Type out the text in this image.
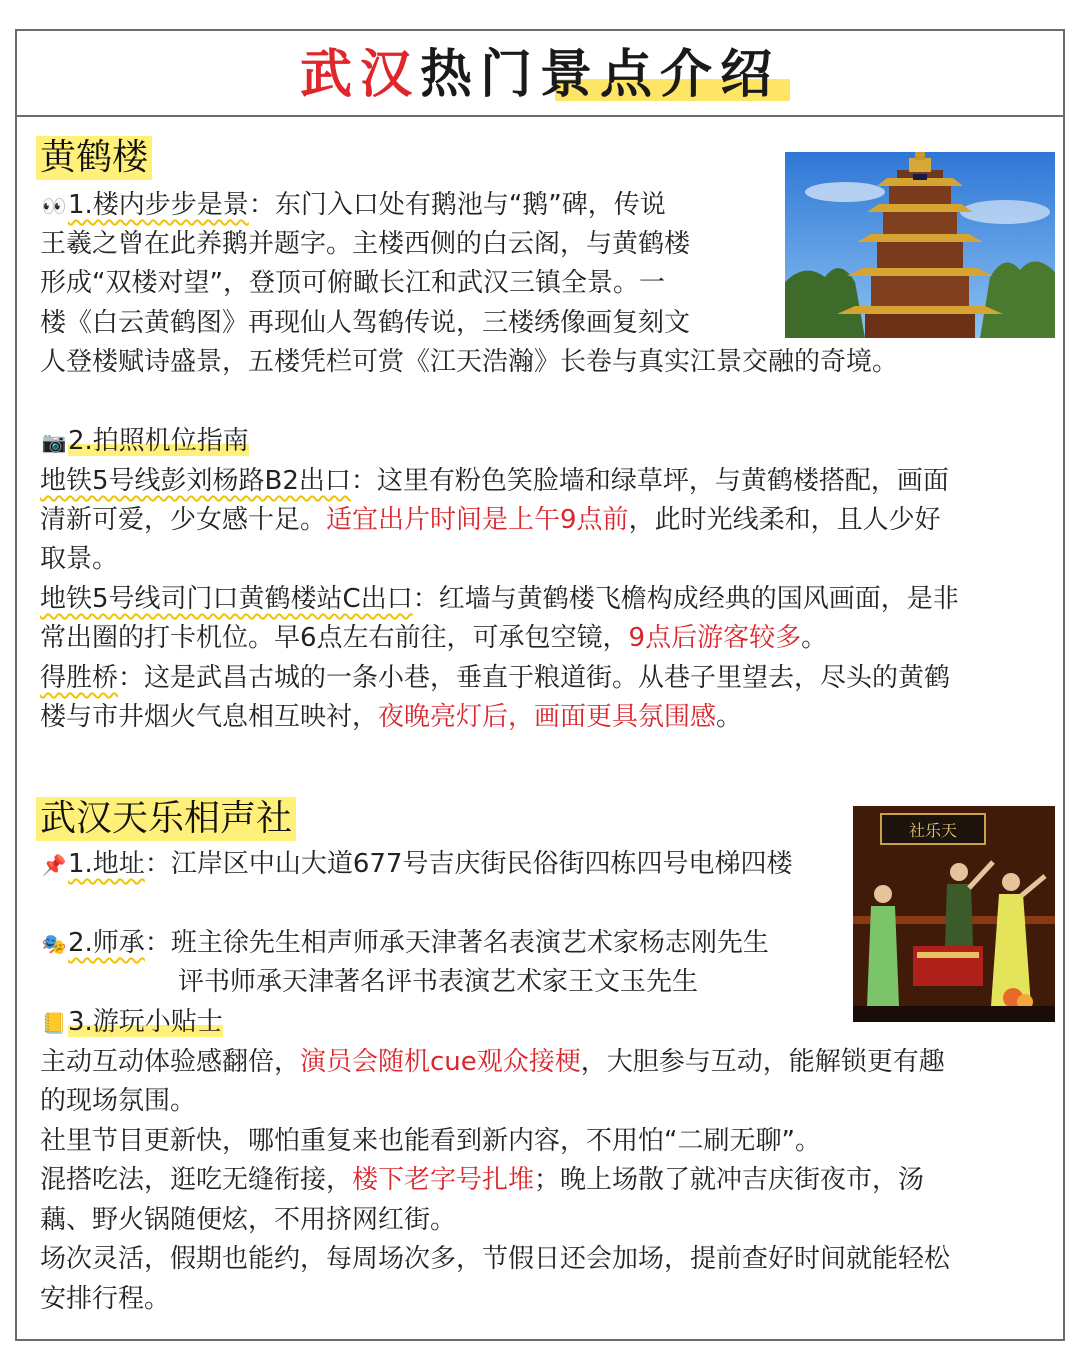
武汉热门景点介绍
黄鹤楼
👀1.楼内步步是景：东门入口处有鹅池与“鹅”碑，传说
王羲之曾在此养鹅并题字。主楼西侧的白云阁，与黄鹤楼
形成“双楼对望”，登顶可俯瞰长江和武汉三镇全景。一
楼《白云黄鹤图》再现仙人驾鹤传说，三楼绣像画复刻文
人登楼赋诗盛景，五楼凭栏可赏《江天浩瀚》长卷与真实江景交融的奇境。
📷2.拍照机位指南
地铁5号线彭刘杨路B2出口：这里有粉色笑脸墙和绿草坪，与黄鹤楼搭配，画面
清新可爱，少女感十足。适宜出片时间是上午9点前，此时光线柔和，且人少好
取景。
地铁5号线司门口黄鹤楼站C出口：红墙与黄鹤楼飞檐构成经典的国风画面，是非
常出圈的打卡机位。早6点左右前往，可承包空镜，9点后游客较多。
得胜桥：这是武昌古城的一条小巷，垂直于粮道街。从巷子里望去，尽头的黄鹤
楼与市井烟火气息相互映衬，夜晚亮灯后，画面更具氛围感。
武汉天乐相声社	社乐天
📌1.地址：江岸区中山大道677号吉庆街民俗街四栋四号电梯四楼
🎭2.师承：班主徐先生相声师承天津著名表演艺术家杨志刚先生
评书师承天津著名评书表演艺术家王文玉先生
📒3.游玩小贴士
主动互动体验感翻倍，演员会随机cue观众接梗，大胆参与互动，能解锁更有趣
的现场氛围。
社里节目更新快，哪怕重复来也能看到新内容，不用怕“二刷无聊”。
混搭吃法，逛吃无缝衔接，楼下老字号扎堆；晚上场散了就冲吉庆街夜市，汤
藕、野火锅随便炫，不用挤网红街。
场次灵活，假期也能约，每周场次多，节假日还会加场，提前查好时间就能轻松
安排行程。
